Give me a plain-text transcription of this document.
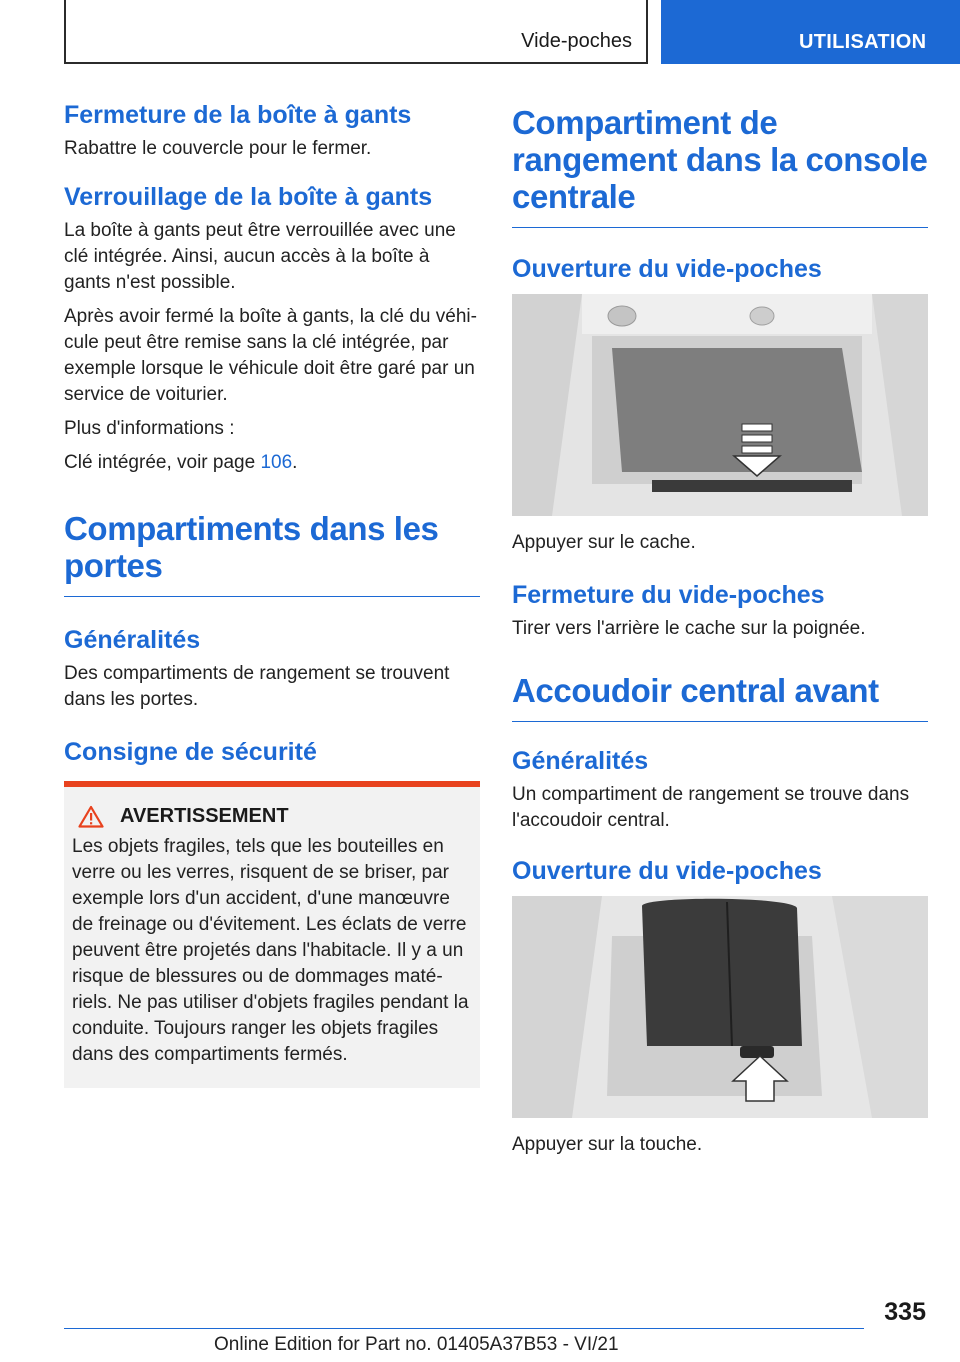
Vide-poches	UTILISATION
Fermeture de la boîte à gants

Rabattre le couvercle pour le fermer.

Verrouillage de la boîte à gants

La boîte à gants peut être verrouillée avec une clé intégrée. Ainsi, aucun accès à la boîte à gants n'est possible.

Après avoir fermé la boîte à gants, la clé du véhicule peut être remise sans la clé intégrée, par exemple lorsque le véhicule doit être garé par un service de voiturier.

Plus d'informations :

Clé intégrée, voir page 106.

Compartiments dans les portes
Généralités

Des compartiments de rangement se trouvent dans les portes.

Consigne de sécurité
AVERTISSEMENT

Les objets fragiles, tels que les bouteilles en verre ou les verres, risquent de se briser, par exemple lors d'un accident, d'une manœuvre de freinage ou d'évitement. Les éclats de verre peuvent être projetés dans l'habitacle. Il y a un risque de blessures ou de dommages matériels. Ne pas utiliser d'objets fragiles pendant la conduite. Toujours ranger les objets fragiles dans des compartiments fermés.

Compartiment de rangement dans la console centrale
Ouverture du vide-poches

Appuyer sur le cache.

Fermeture du vide-poches

Tirer vers l'arrière le cache sur la poignée.

Accoudoir central avant
Généralités

Un compartiment de rangement se trouve dans l'accoudoir central.

Ouverture du vide-poches

Appuyer sur la touche.

335
Online Edition for Part no. 01405A37B53 - VI/21
